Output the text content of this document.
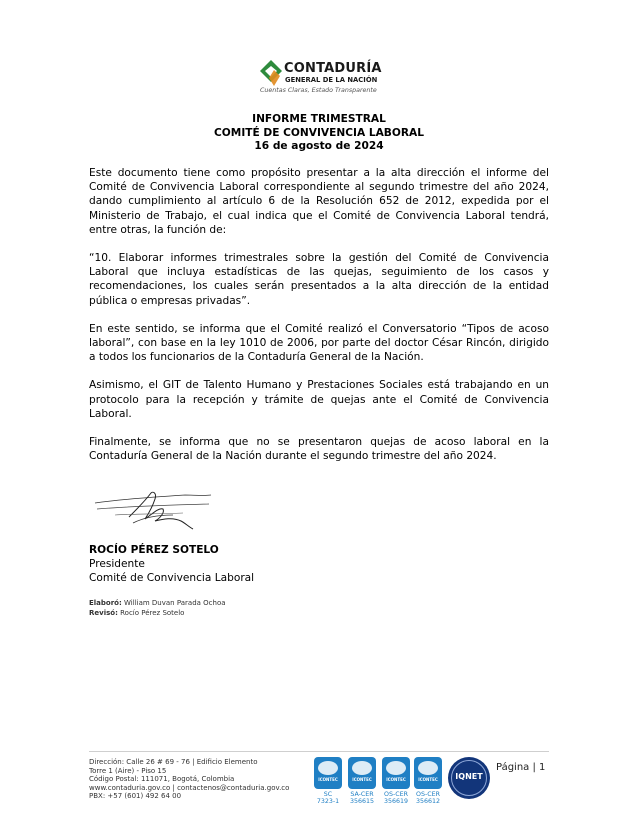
CONTADURÍA
GENERAL DE LA NACIÓN
Cuentas Claras, Estado Transparente
INFORME TRIMESTRAL
COMITÉ DE CONVIVENCIA LABORAL
16 de agosto de 2024

Este documento tiene como propósito presentar a la alta dirección el informe del Comité de Convivencia Laboral correspondiente al segundo trimestre del año 2024, dando cumplimiento al artículo 6 de la Resolución 652 de 2012, expedida por el Ministerio de Trabajo, el cual indica que el Comité de Convivencia Laboral tendrá, entre otras, la función de:

“10. Elaborar informes trimestrales sobre la gestión del Comité de Convivencia Laboral que incluya estadísticas de las quejas, seguimiento de los casos y recomendaciones, los cuales serán presentados a la alta dirección de la entidad pública o empresas privadas”.

En este sentido, se informa que el Comité realizó el Conversatorio “Tipos de acoso laboral”, con base en la ley 1010 de 2006, por parte del doctor César Rincón, dirigido a todos los funcionarios de la Contaduría General de la Nación.

Asimismo, el GIT de Talento Humano y Prestaciones Sociales está trabajando en un protocolo para la recepción y trámite de quejas ante el Comité de Convivencia Laboral.

Finalmente, se informa que no se presentaron quejas de acoso laboral en la Contaduría General de la Nación durante el segundo trimestre del año 2024.

ROCÍO PÉREZ SOTELO
Presidente
Comité de Convivencia Laboral
Elaboró: William Duvan Parada Ochoa
Revisó: Rocío Pérez Sotelo
Dirección: Calle 26 # 69 - 76 | Edificio Elemento
Torre 1 (Aire) - Piso 15
Código Postal: 111071, Bogotá, Colombia
www.contaduria.gov.co | contactenos@contaduria.gov.co
PBX: +57 (601) 492 64 00
ICONTEC
SC 7323-1
ICONTEC
SA-CER 356615
ICONTEC
OS-CER 356619
ICONTEC
OS-CER 356612
IQNET
Página | 1
